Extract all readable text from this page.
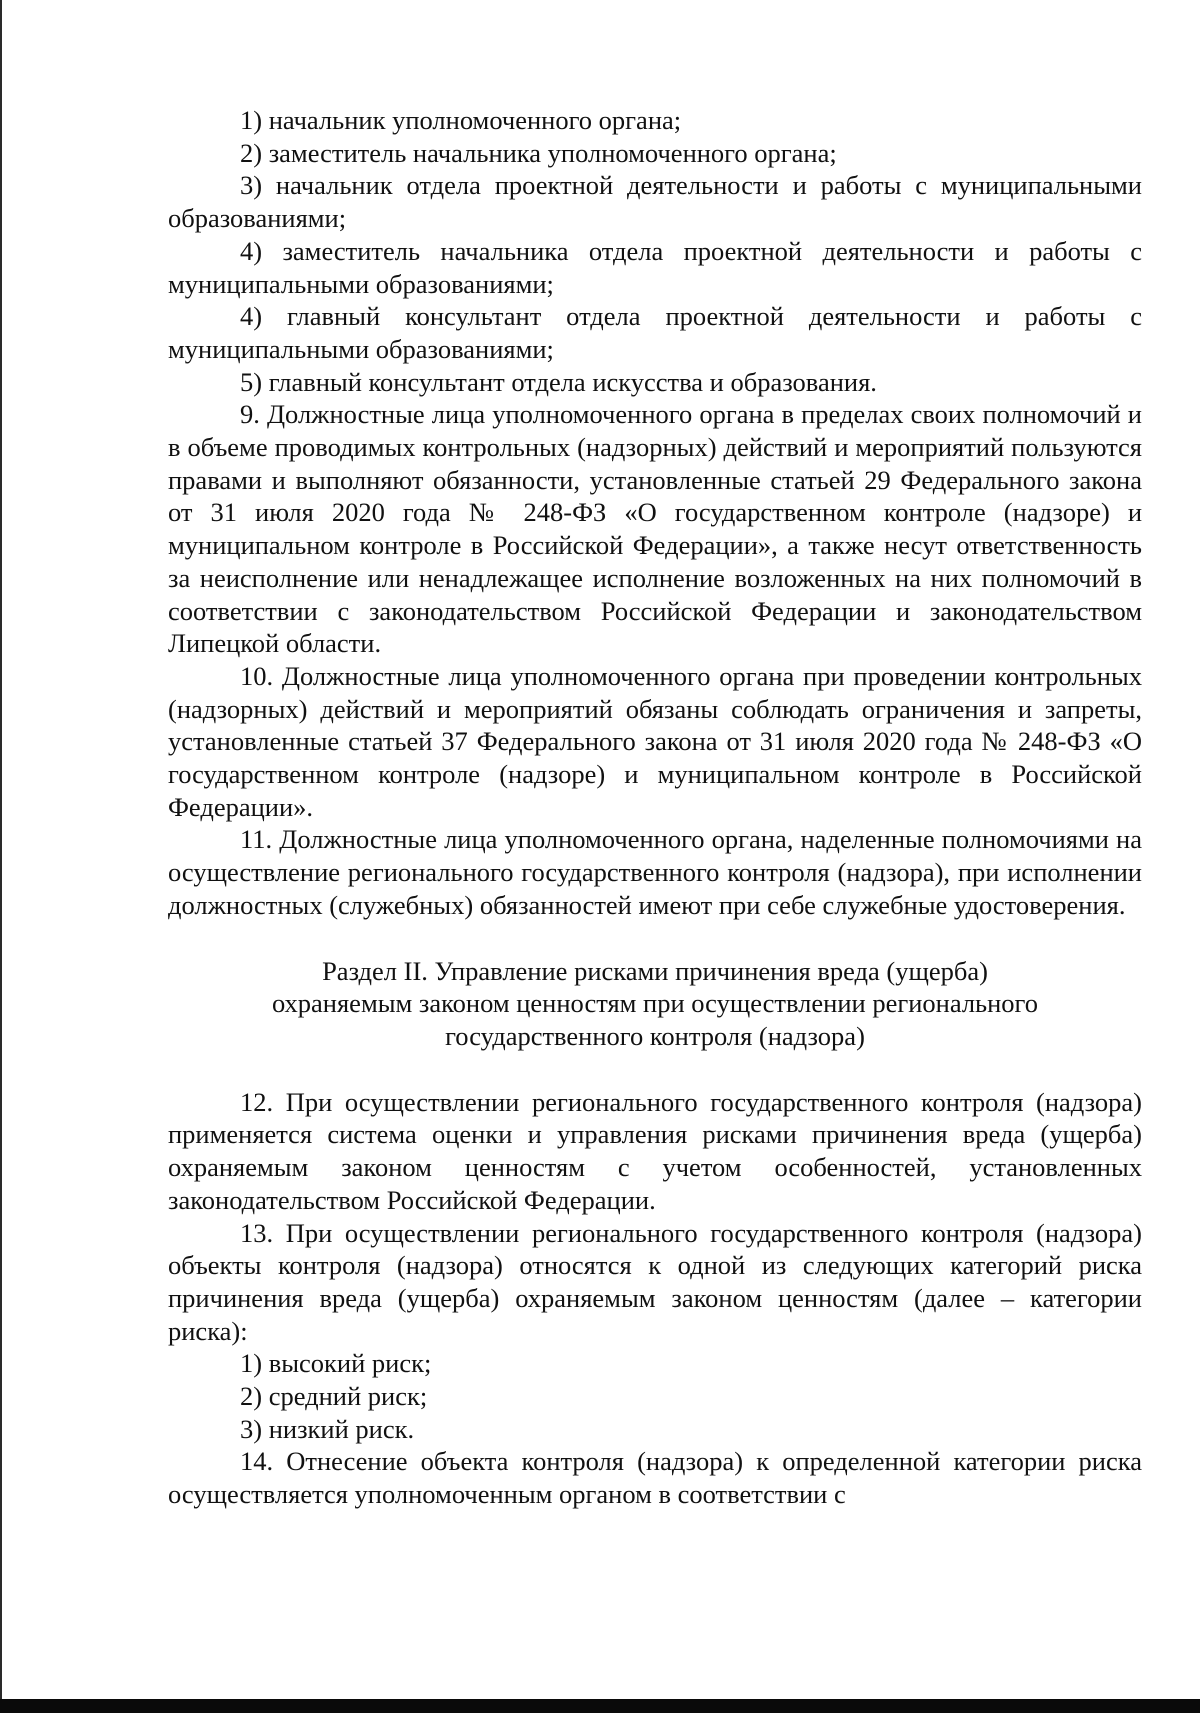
1) начальник уполномоченного органа;

2) заместитель начальника уполномоченного органа;

3) начальник отдела проектной деятельности и работы с муниципальными образованиями;

4) заместитель начальника отдела проектной деятельности и работы с муниципальными образованиями;

4) главный консультант отдела проектной деятельности и работы с муниципальными образованиями;

5) главный консультант отдела искусства и образования.

9. Должностные лица уполномоченного органа в пределах своих полномочий и в объеме проводимых контрольных (надзорных) действий и мероприятий пользуются правами и выполняют обязанности, установленные статьей 29 Федерального закона от 31 июля 2020 года № 248-ФЗ «О государственном контроле (надзоре) и муниципальном контроле в Российской Федерации», а также несут ответственность за неисполнение или ненадлежащее исполнение возложенных на них полномочий в соответствии с законодательством Российской Федерации и законодательством Липецкой области.

10. Должностные лица уполномоченного органа при проведении контрольных (надзорных) действий и мероприятий обязаны соблюдать ограничения и запреты, установленные статьей 37 Федерального закона от 31 июля 2020 года № 248-ФЗ «О государственном контроле (надзоре) и муниципальном контроле в Российской Федерации».

11. Должностные лица уполномоченного органа, наделенные полномочиями на осуществление регионального государственного контроля (надзора), при исполнении должностных (служебных) обязанностей имеют при себе служебные удостоверения.

Раздел II. Управление рисками причинения вреда (ущерба)
охраняемым законом ценностям при осуществлении регионального
государственного контроля (надзора)

12. При осуществлении регионального государственного контроля (надзора) применяется система оценки и управления рисками причинения вреда (ущерба) охраняемым законом ценностям с учетом особенностей, установленных законодательством Российской Федерации.

13. При осуществлении регионального государственного контроля (надзора) объекты контроля (надзора) относятся к одной из следующих категорий риска причинения вреда (ущерба) охраняемым законом ценностям (далее – категории риска):

1) высокий риск;

2) средний риск;

3) низкий риск.

14. Отнесение объекта контроля (надзора) к определенной категории риска осуществляется уполномоченным органом в соответствии с
